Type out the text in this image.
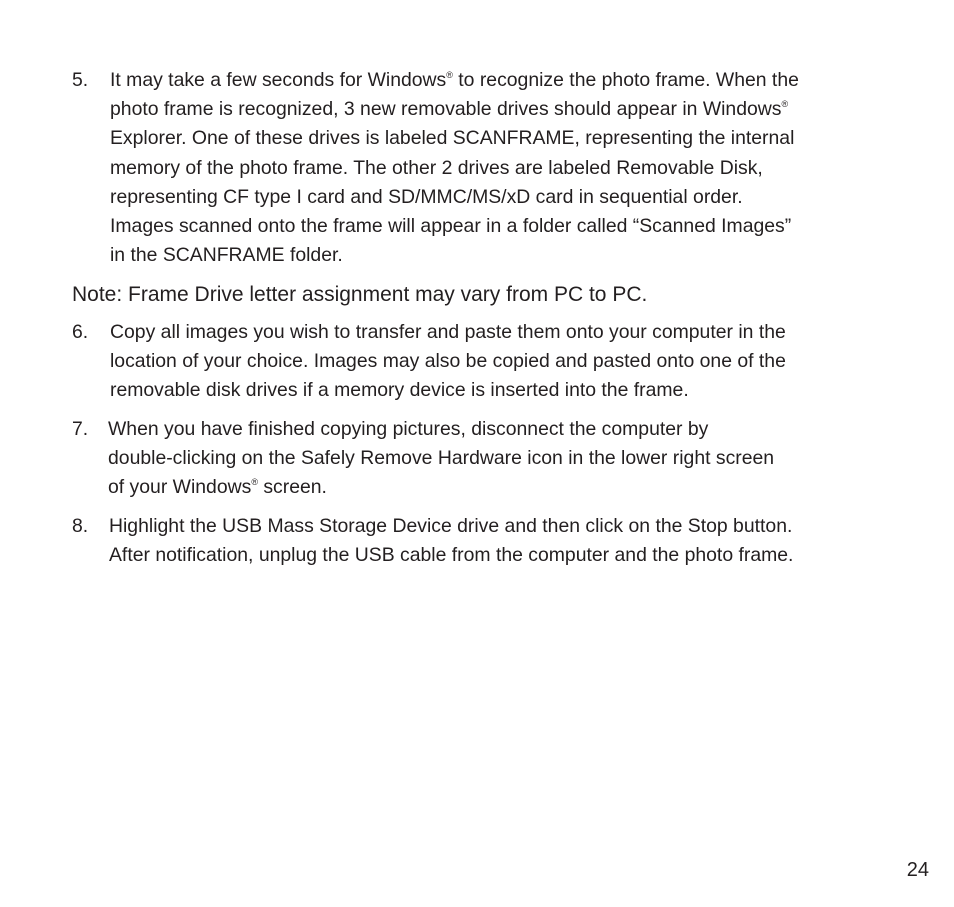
5. It may take a few seconds for Windows® to recognize the photo frame. When the
photo frame is recognized, 3 new removable drives should appear in Windows®
Explorer. One of these drives is labeled SCANFRAME, representing the internal
memory of the photo frame. The other 2 drives are labeled Removable Disk,
representing CF type I card and SD/MMC/MS/xD card in sequential order.
Images scanned onto the frame will appear in a folder called “Scanned Images”
in the SCANFRAME folder.
Note: Frame Drive letter assignment may vary from PC to PC.
6. Copy all images you wish to transfer and paste them onto your computer in the
location of your choice. Images may also be copied and pasted onto one of the
removable disk drives if a memory device is inserted into the frame.
7. When you have finished copying pictures, disconnect the computer by
double-clicking on the Safely Remove Hardware icon in the lower right screen
of your Windows® screen.
8. Highlight the USB Mass Storage Device drive and then click on the Stop button.
After notification, unplug the USB cable from the computer and the photo frame.
24
